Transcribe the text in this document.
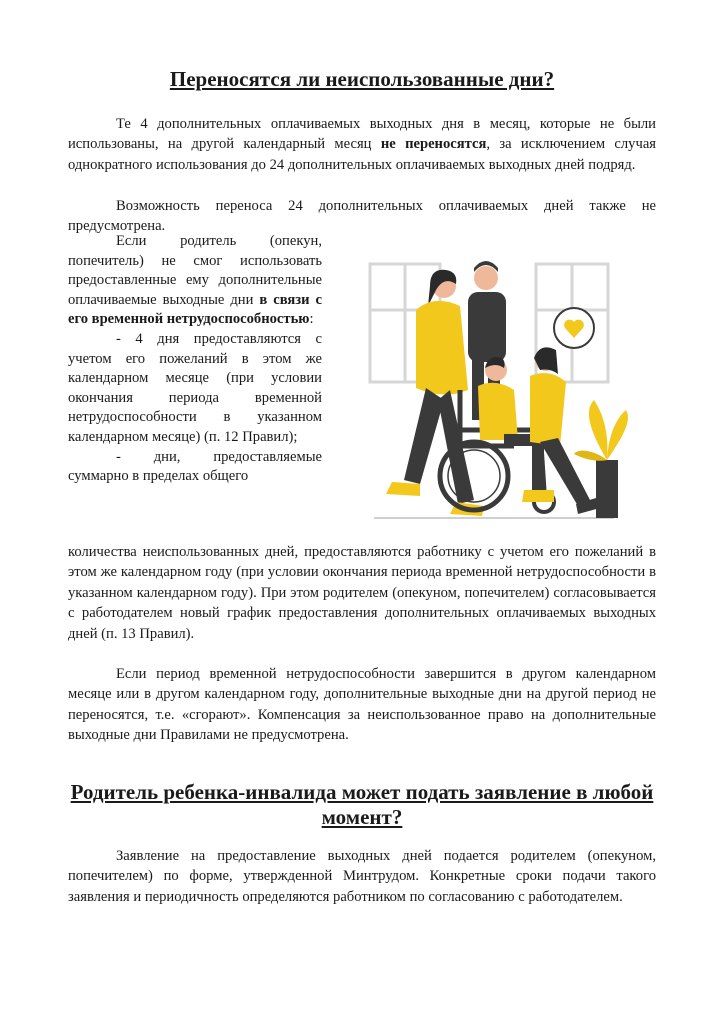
Переносятся ли неиспользованные дни?

Те 4 дополнительных оплачиваемых выходных дня в месяц, которые не были использованы, на другой календарный месяц не переносятся, за исключением случая однократного использования до 24 дополнительных оплачиваемых выходных дней подряд.

Возможность переноса 24 дополнительных оплачиваемых дней также не предусмотрена.

Если родитель (опекун, попечитель) не смог использовать предоставленные ему дополнительные оплачиваемые выходные дни в связи с его временной нетрудоспособностью:

- 4 дня предоставляются с учетом его пожеланий в этом же календарном месяце (при условии окончания периода временной нетрудоспособности в указанном календарном месяце) (п. 12 Правил);

- дни, предоставляемые суммарно в пределах общего

количества неиспользованных дней, предоставляются работнику с учетом его пожеланий в этом же календарном году (при условии окончания периода временной нетрудоспособности в указанном календарном году). При этом родителем (опекуном, попечителем) согласовывается с работодателем новый график предоставления дополнительных оплачиваемых выходных дней (п. 13 Правил).

Если период временной нетрудоспособности завершится в другом календарном месяце или в другом календарном году, дополнительные выходные дни на другой период не переносятся, т.е. «сгорают». Компенсация за неиспользованное право на дополнительные выходные дни Правилами не предусмотрена.

Родитель ребенка-инвалида может подать заявление в любой момент?

Заявление на предоставление выходных дней подается родителем (опекуном, попечителем) по форме, утвержденной Минтрудом. Конкретные сроки подачи такого заявления и периодичность определяются работником по согласованию с работодателем.
